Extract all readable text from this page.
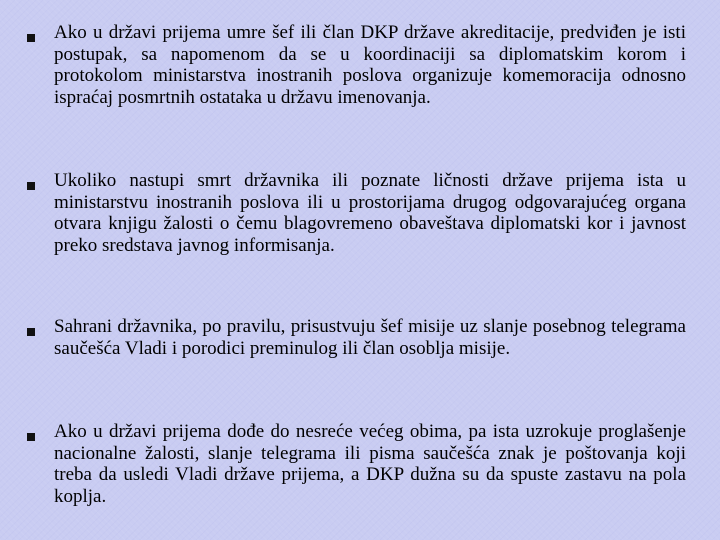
Ako u državi prijema umre šef ili član DKP države akreditacije, predviđen je isti postupak, sa napomenom da se u koordinaciji sa diplomatskim korom i protokolom ministarstva inostranih poslova organizuje komemoracija odnosno ispraćaj posmrtnih ostataka u državu imenovanja.

Ukoliko nastupi smrt državnika ili poznate ličnosti države prijema ista u ministarstvu inostranih poslova ili u prostorijama drugog odgovarajućeg organa otvara knjigu žalosti o čemu blagovremeno obaveštava diplomatski kor i javnost preko sredstava javnog informisanja.

Sahrani državnika, po pravilu, prisustvuju šef misije uz slanje posebnog telegrama saučešća Vladi i porodici preminulog ili član osoblja misije.

Ako u državi prijema dođe do nesreće većeg obima, pa ista uzrokuje proglašenje nacionalne žalosti, slanje telegrama ili pisma saučešća znak je poštovanja koji treba da usledi Vladi države prijema, a DKP dužna su da spuste zastavu na pola koplja.
